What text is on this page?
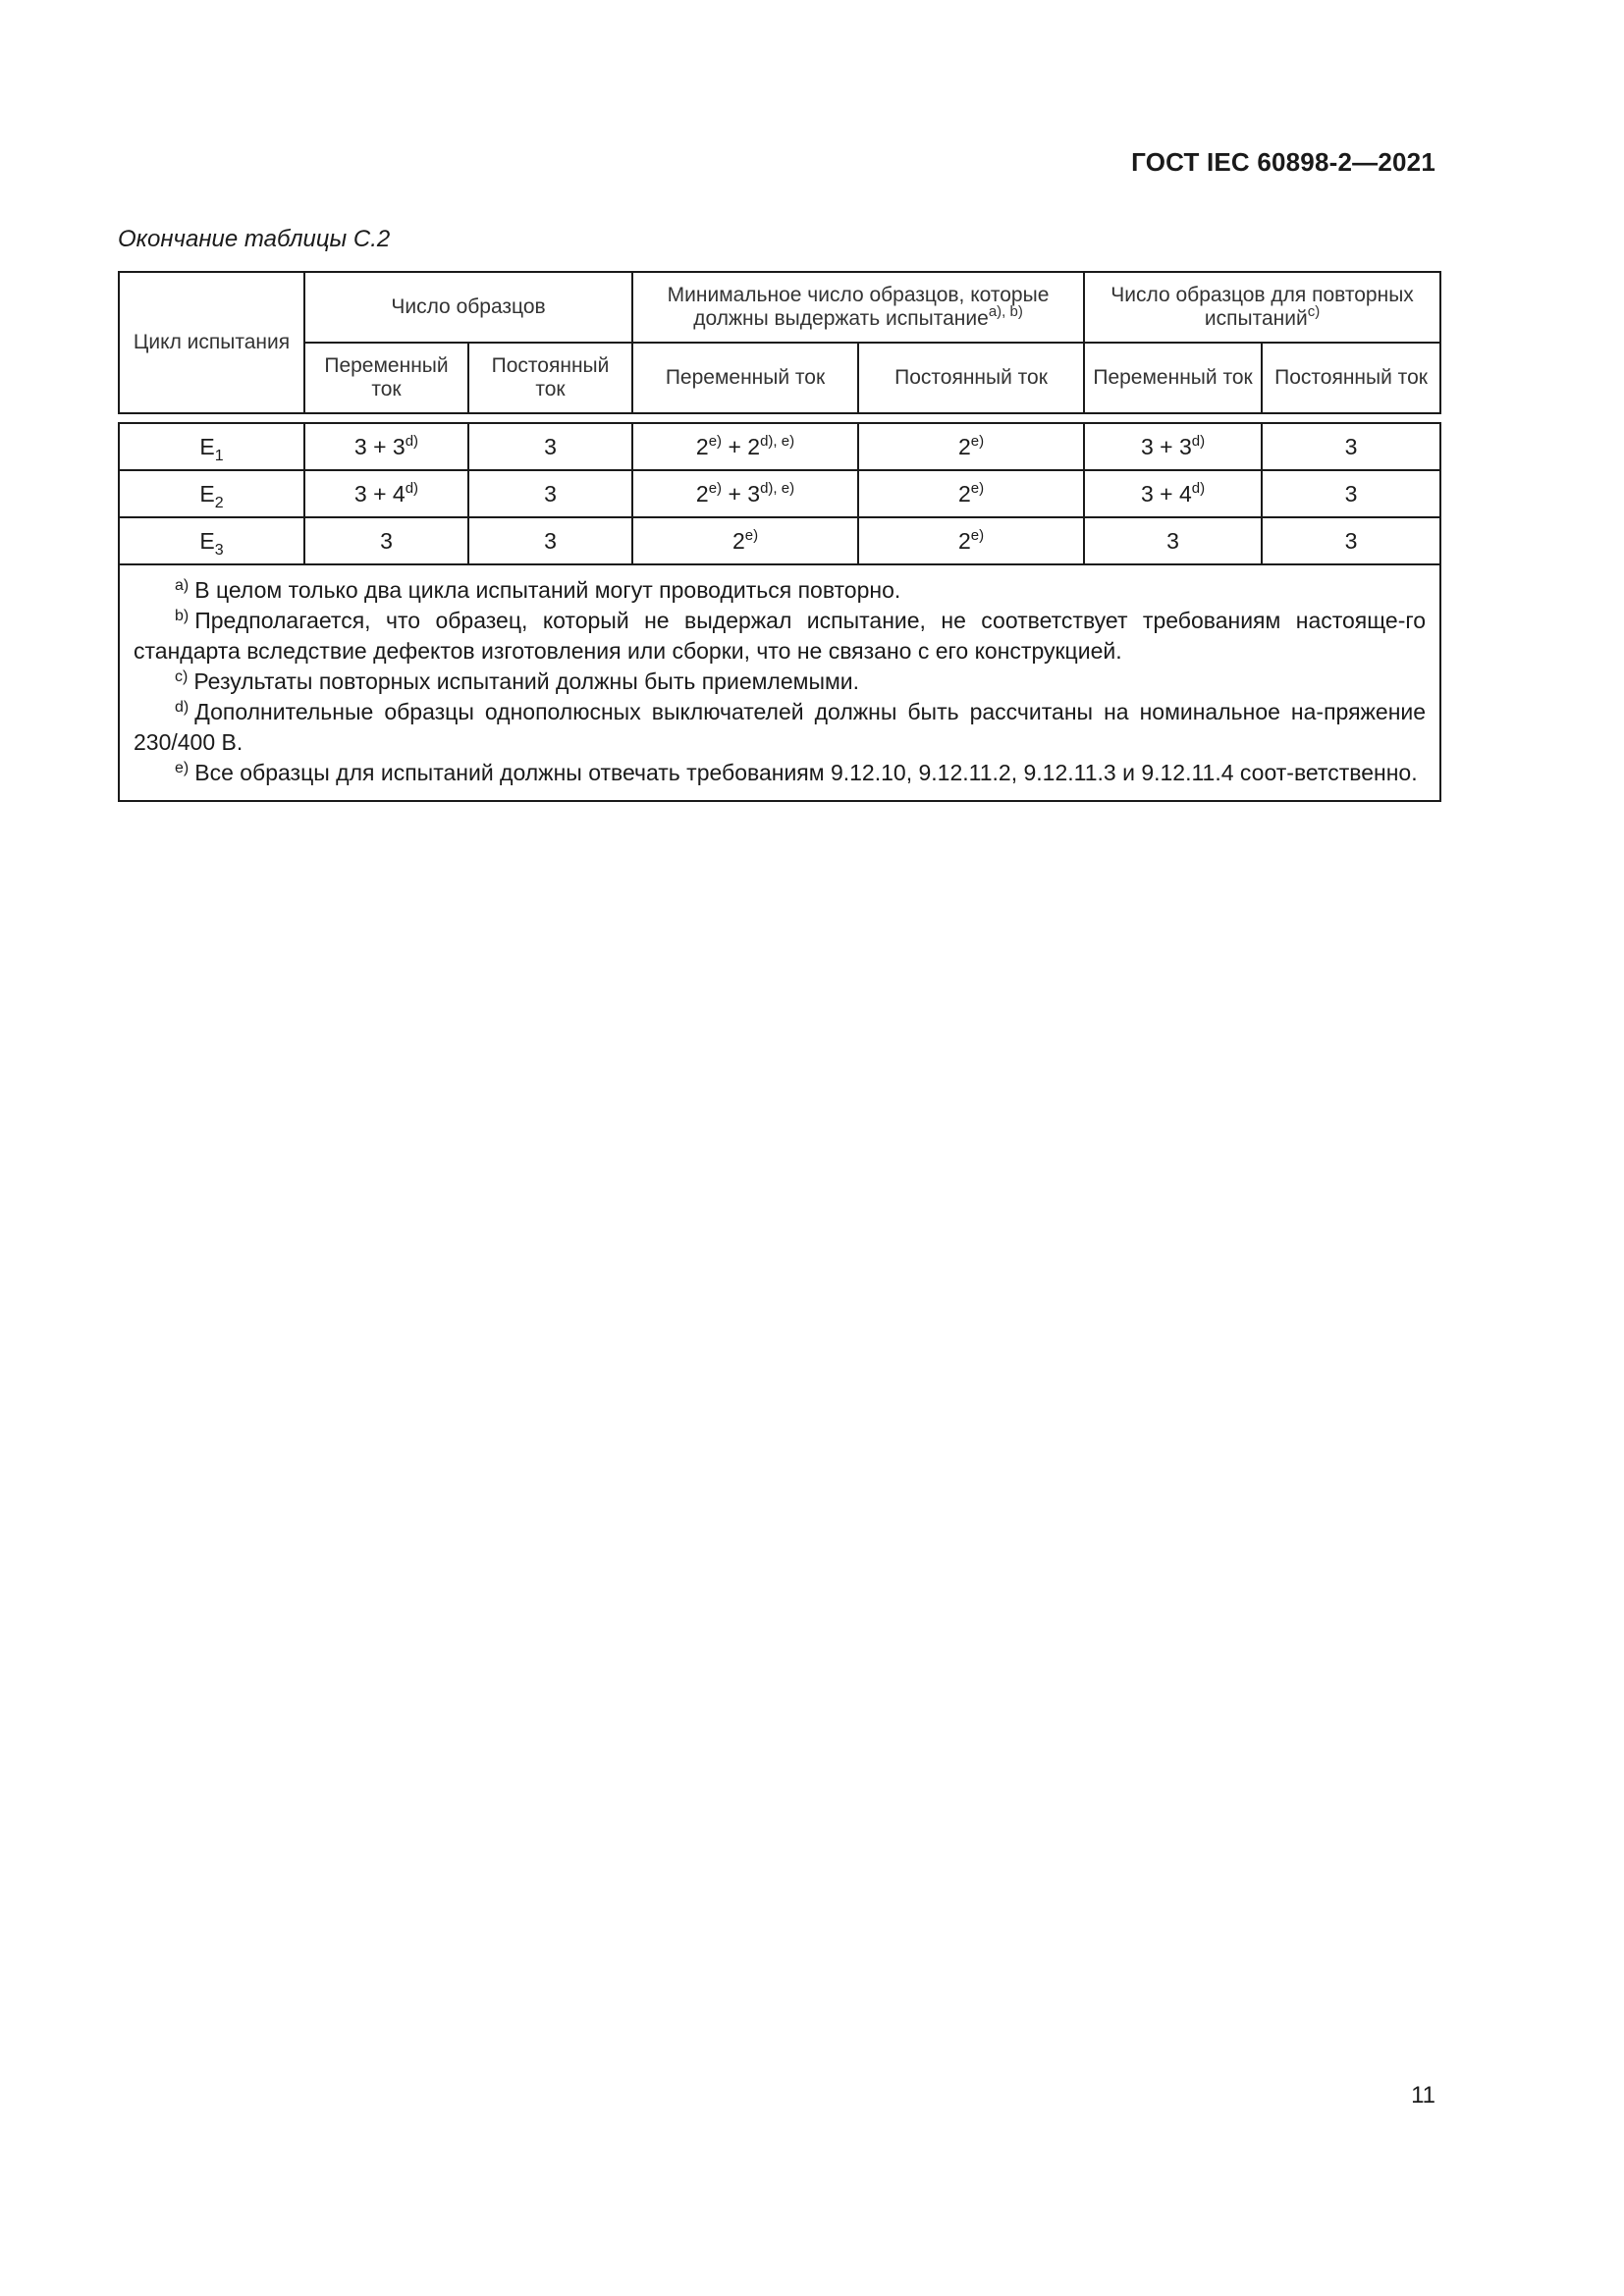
ГОСТ IEC 60898-2—2021
Окончание таблицы С.2
Цикл испытания	Число образцов		Минимальное число образцов, которые должны выдержать испытание$^{a), b)}$		Число образцов для повторных испытаний$^{c)}$
	Переменный ток	Постоянный ток	Переменный ток	Постоянный ток	Переменный ток	Постоянный ток

$E_1$	3 + 3$^{d)}$	3	2$^{e)}$ + 2$^{d), e)}$	2$^{e)}$	3 + 3$^{d)}$	3
$E_2$	3 + 4$^{d)}$	3	2$^{e)}$ + 3$^{d), e)}$	2$^{e)}$	3 + 4$^{d)}$	3
$E_3$	3	3	2$^{e)}$	2$^{e)}$	3	3

$^{a)}$ В целом только два цикла испытаний могут проводиться повторно.
$^{b)}$ Предполагается, что образец, который не выдержал испытание, не соответствует требованиям настояще-го стандарта вследствие дефектов изготовления или сборки, что не связано с его конструкцией.
$^{c)}$ Результаты повторных испытаний должны быть приемлемыми.
$^{d)}$ Дополнительные образцы однополюсных выключателей должны быть рассчитаны на номинальное на-пряжение 230/400 В.
$^{e)}$ Все образцы для испытаний должны отвечать требованиям 9.12.10, 9.12.11.2, 9.12.11.3 и 9.12.11.4 соот-ветственно.						
11
